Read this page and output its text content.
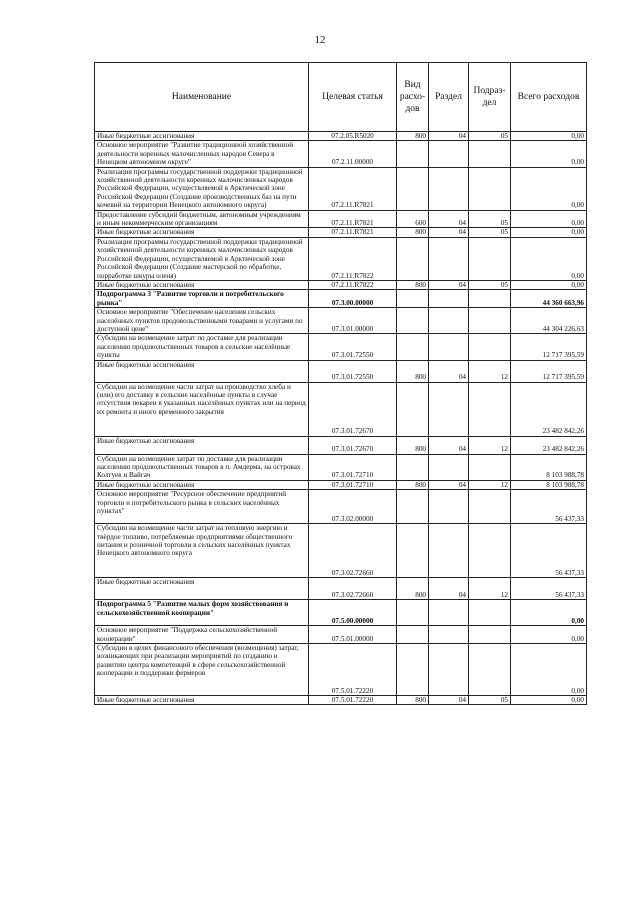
12
Наименование	Целевая статья	Вид расхо-дов	Раздел	Подраз-дел	Всего расходов
Иные бюджетные ассигнования	07.2.05.R5020	800	04	05	0,00
Основное мероприятие "Развитие традиционной хозяйственной деятельности коренных малочисленных народов Севера в Ненецком автономном округе"	07.2.11.00000				0,00
Реализация программы государственной поддержки традиционной хозяйственной деятельности коренных малочисленных народов Российской Федерации, осуществляемой в Арктической зоне Российской Федерации (Создание производственных баз на пути кочевий на территории Ненецкого автономного округа)	07.2.11.R7821				0,00
Предоставление субсидий бюджетным, автономным учреждениям и иным некоммерческим организациям	07.2.11.R7821	600	04	05	0,00
Иные бюджетные ассигнования	07.2.11.R7821	800	04	05	0,00
Реализация программы государственной поддержки традиционной хозяйственной деятельности коренных малочисленных народов Российской Федерации, осуществляемой в Арктической зоне Российской Федерации (Создание мастерской по обработке, порработке шкуры оленя)	07.2.11.R7822				0,00
Иные бюджетные ассигнования	07.2.11.R7822	800	04	05	0,00
Подпрограмма 3 "Развитие торговли и потребительского рынка"	07.3.00.00000				44 360 663,96
Основное мероприятие "Обеспечение населения сельских населённых пунктов продовольственными товарами и услугами по доступной цене"	07.3.01.00000				44 304 226,63
Субсидии на возмещение затрат по доставке для реализации населению продовольственных товаров в сельские населённые пункты	07.3.01.72550				12 717 395,59
Иные бюджетные ассигнования	07.3.01.72550	800	04	12	12 717 395,59
Субсидии на возмещение части затрат на производство хлеба и (или) его доставку в сельские населённые пункты в случае отсутствия пекарен в указанных населённых пунктах или на период их ремонта и иного временного закрытия	07.3.01.72670				23 482 842,26
Иные бюджетные ассигнования	07.3.01.72670	800	04	12	23 482 842,26
Субсидии на возмещение затрат по доставке для реализации населению продовольственных товаров в п. Амдерма, на островах Колгуев и Вайгач	07.3.01.72710				8 103 988,78
Иные бюджетные ассигнования	07.3.01.72710	800	04	12	8 103 988,78
Основное мероприятие "Ресурсное обеспечение предприятий торговли и потребительского рынка в сельских населённых пунктах"	07.3.02.00000				56 437,33
Субсидии на возмещение части затрат на тепловую энергию и твёрдое топливо, потребляемые предприятиями общественного питания и розничной торговли в сельских населённых пунктах Ненецкого автономного округа	07.3.02.72660				56 437,33
Иные бюджетные ассигнования	07.3.02.72660	800	04	12	56 437,33
Подпрограмма 5 "Развитие малых форм хозяйствования и сельскохозяйственной кооперации"	07.5.00.00000				0,00
Основное мероприятие "Поддержка сельскохозяйственной кооперации"	07.5.01.00000				0,00
Субсидии в целях финансового обеспечения (возмещения) затрат, возникающих при реализации мероприятий по созданию и развитию центра компетенций в сфере сельскохозяйственной кооперации и поддержки фермеров	07.5.01.72220				0,00
Иные бюджетные ассигнования	07.5.01.72220	800	04	05	0,00
